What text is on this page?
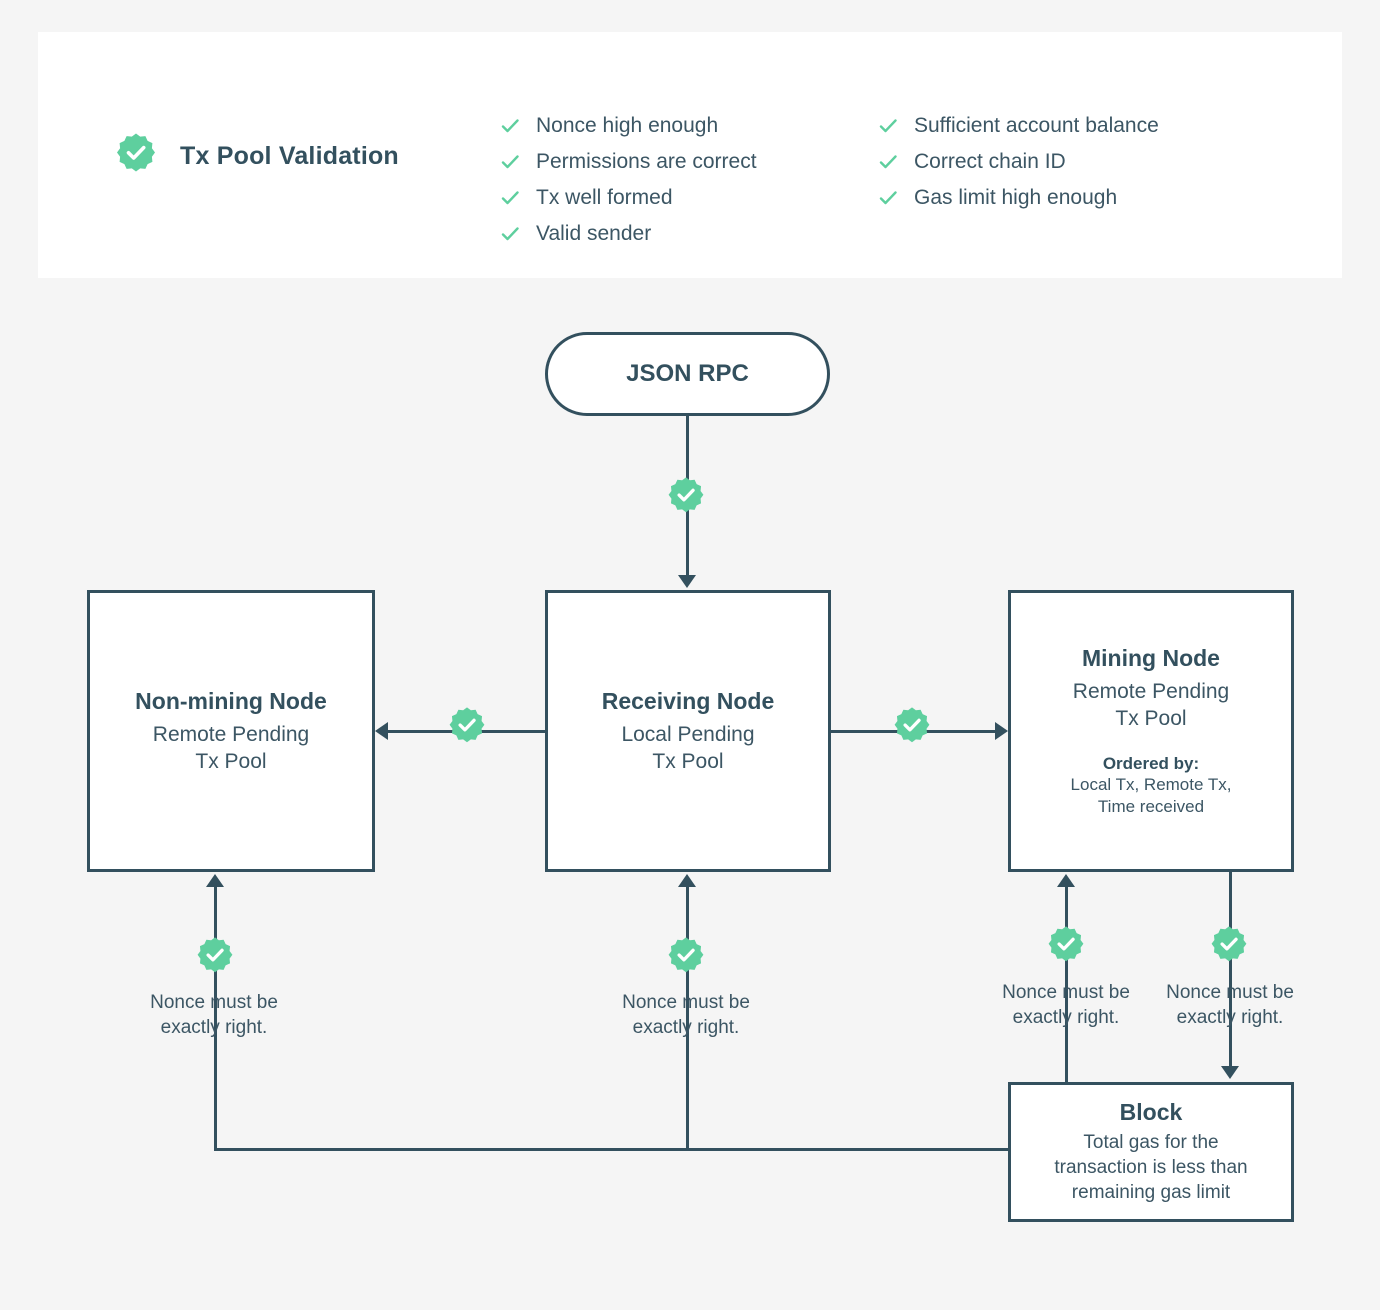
Tx Pool Validation
Nonce high enough
Permissions are correct
Tx well formed
Valid sender
Sufficient account balance
Correct chain ID
Gas limit high enough
JSON RPC
Non-mining Node
Remote Pending
Tx Pool
Receiving Node
Local Pending
Tx Pool
Mining Node
Remote Pending
Tx Pool
Ordered by:
Local Tx, Remote Tx,
Time received
Block
Total gas for the
transaction is less than
remaining gas limit
Nonce must be
exactly right.
Nonce must be
exactly right.
Nonce must be
exactly right.
Nonce must be
exactly right.
